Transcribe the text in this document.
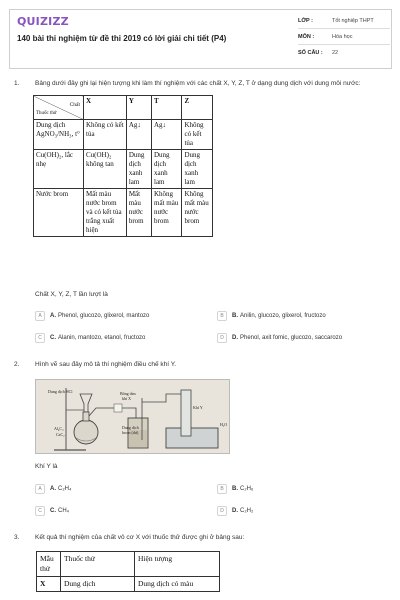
QUIZIZZ
140 bài thi nghiệm từ đề thi 2019 có lời giải chi tiết (P4)
LỚP :	Tốt nghiệp THPT
MÔN :	Hóa học
SỐ CÂU : 22
1. Bảng dưới đây ghi lại hiện tượng khi làm thí nghiệm với các chất X, Y, Z, T ở dạng dung dịch với dung môi nước:
Chất
Thuốc thử	X	Y	T	Z
Dung dịch AgNO₃/NH₃, t°	Không có kết tủa	Ag↓	Ag↓	Không có kết tủa
Cu(OH)₂, lắc nhẹ	Cu(OH)₂ không tan	Dung dịch xanh lam	Dung dịch xanh lam	Dung dịch xanh lam
Nước brom	Mất màu nước brom và có kết tủa trắng xuất hiện	Mất màu nước brom	Không mất màu nước brom	Không mất màu nước brom
Chất X, Y, Z, T lần lượt là
A	A. Phenol, glucozo, glixerol, mantozo	B	B. Anilin, glucozo, glixerol, fructozo
C	C. Alanin, mantozo, etanol, fructozo	D	D. Phenol, axit fomic, glucozo, saccarozo
2. Hình vẽ sau đây mô tả thí nghiệm điều chế khí Y.
Dung dịch HCl	Bông tẩm
khí X
Khí Y
Al₄C₃
CaC₂
Dung dịch
brom (dư)
H₂O
Khí Y là
A	A. C₂H₄	B	B. C₂H₆
C	C. CH₄	D	D. C₂H₂
3. Kết quả thí nghiệm của chất vô cơ X với thuốc thử được ghi ở bảng sau:
Mẫu thử	Thuốc thử	Hiện tượng
X	Dung dịch	Dung dịch có màu
